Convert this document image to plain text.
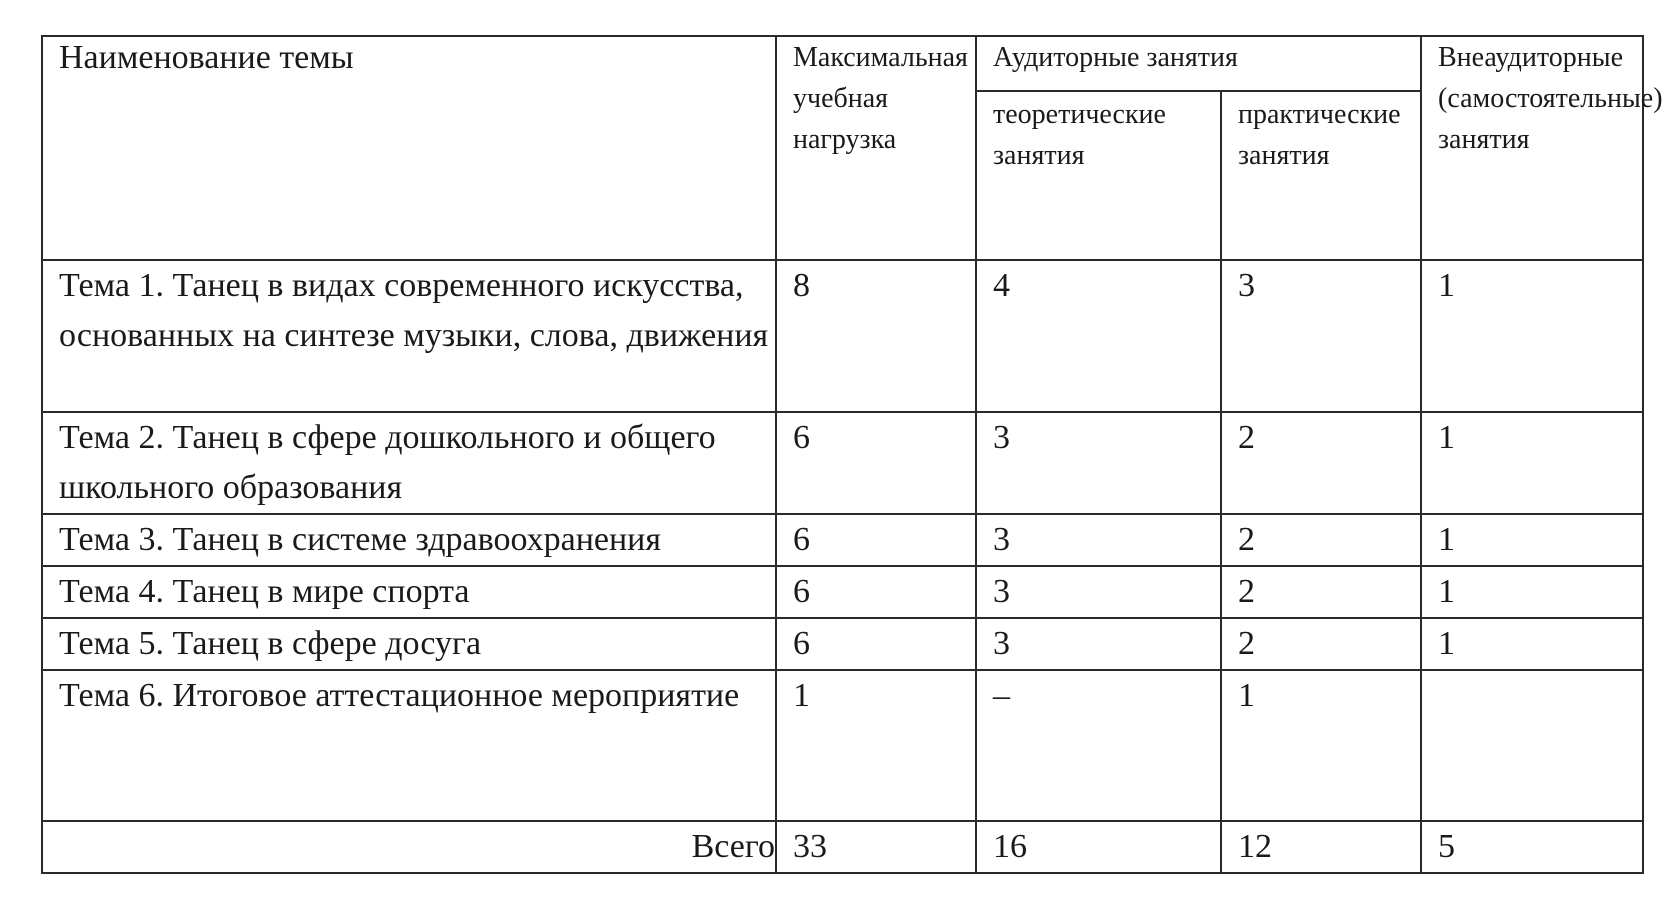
Наименование темы	Максимальная учебная нагрузка	Аудиторные занятия		Внеаудиторные (самостоятельные) занятия
		теоретические занятия	практические занятия	
Тема 1. Танец в видах современного искусства, основанных на синтезе музыки, слова, движения	8	4	3	1
Тема 2. Танец в сфере дошкольного и общего школьного образования	6	3	2	1
Тема 3. Танец в системе здравоохранения	6	3	2	1
Тема 4. Танец в мире спорта	6	3	2	1
Тема 5. Танец в сфере досуга	6	3	2	1
Тема 6. Итоговое аттестационное мероприятие	1	–	1	
Всего	33	16	12	5
